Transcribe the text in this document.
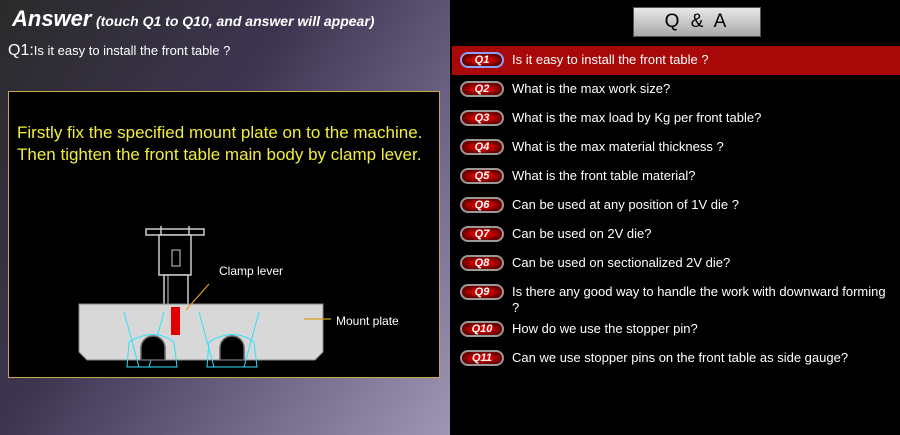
Answer (touch Q1 to Q10, and answer will appear)
Q1:Is it easy to install the front table ?
Firstly fix the specified mount plate on to the machine.
Then tighten the front table main body by clamp lever.
Clamp lever
Mount plate
Q & A
Q1	Is it easy to install the front table ?
Q2	What is the max work size?
Q3	What is the max load by Kg per front table?
Q4	What is the max material thickness ?
Q5	What is the front table material?
Q6	Can be used at any position of 1V die ?
Q7	Can be used on 2V die?
Q8	Can be used on sectionalized 2V die?
Q9	Is there any good way to handle the work with downward forming ?
Q10	How do we use the stopper pin?
Q11	Can we use stopper pins on the front table as side gauge?
